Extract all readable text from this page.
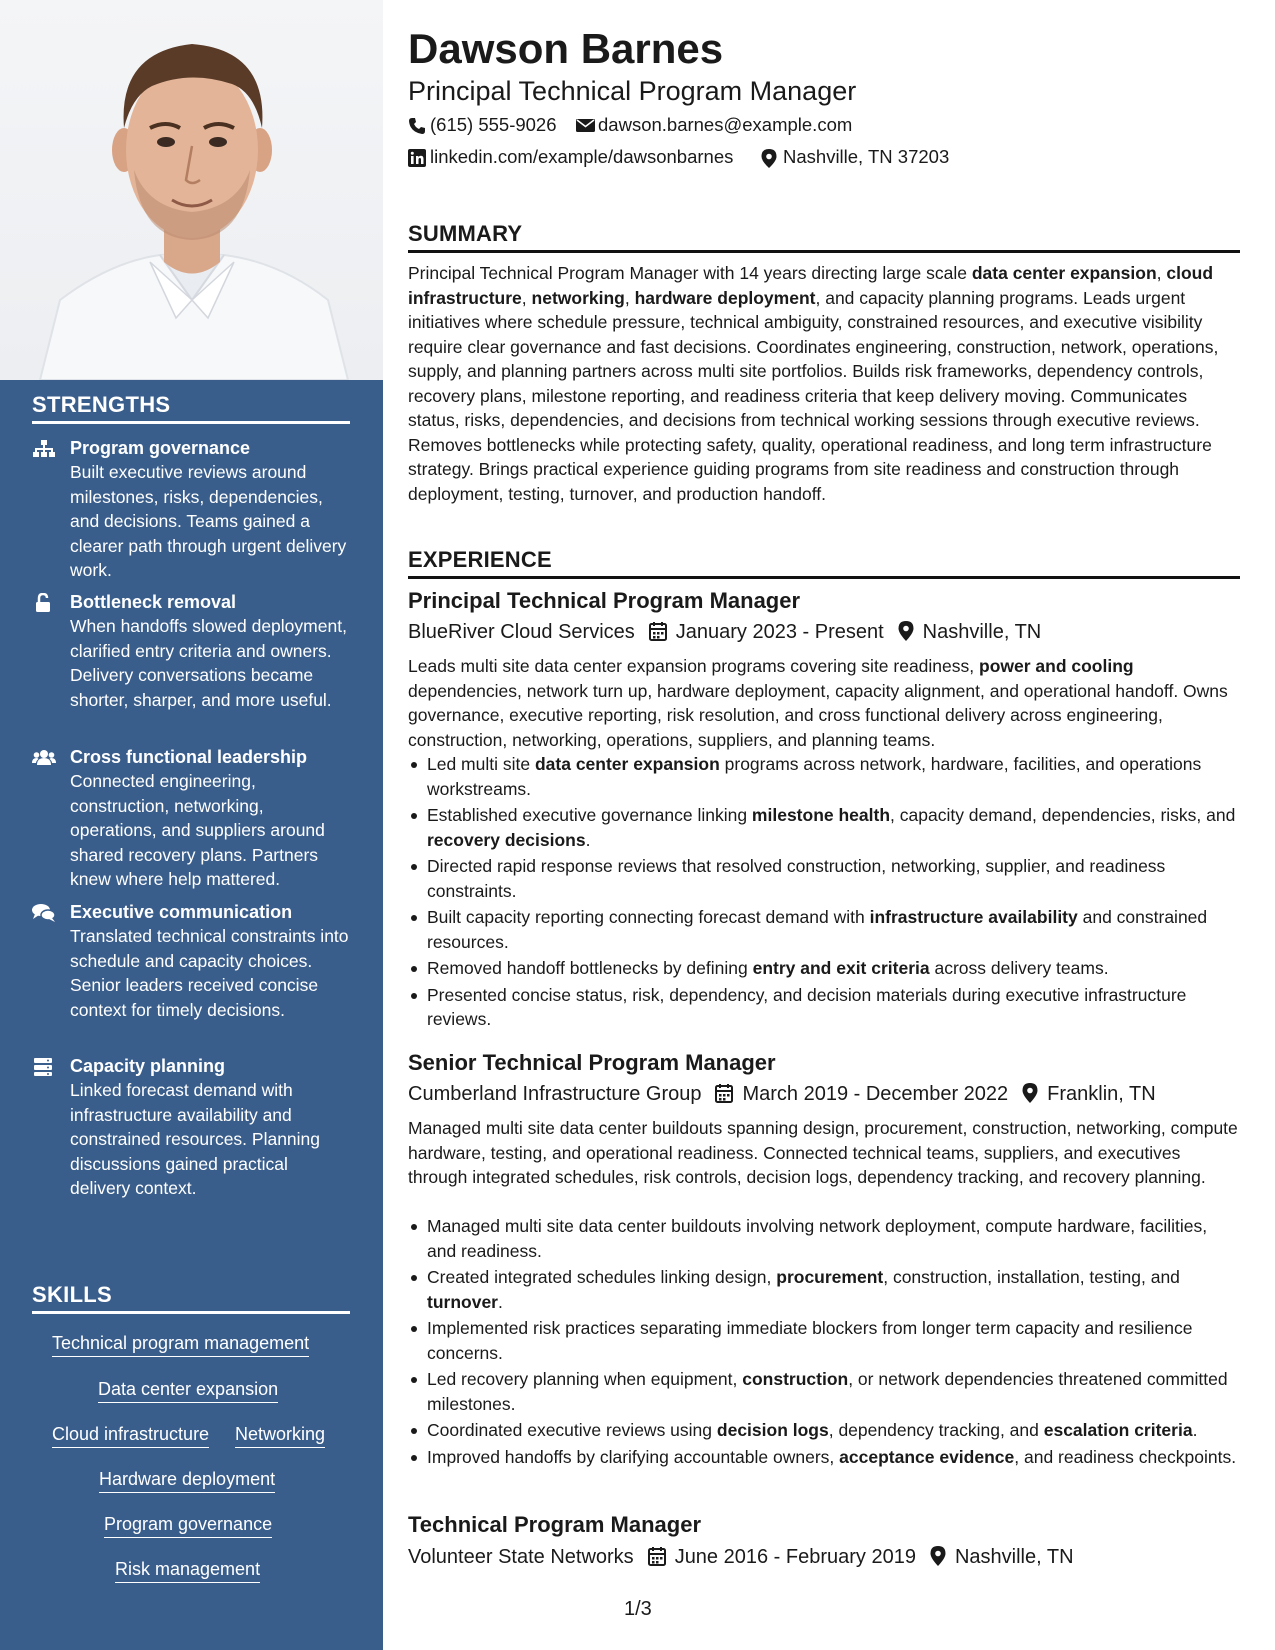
STRENGTHS
Program governance
Built executive reviews around milestones, risks, dependencies, and decisions. Teams gained a clearer path through urgent delivery work.
Bottleneck removal
When handoffs slowed deployment, clarified entry criteria and owners. Delivery conversations became shorter, sharper, and more useful.
Cross functional leadership
Connected engineering, construction, networking, operations, and suppliers around shared recovery plans. Partners knew where help mattered.
Executive communication
Translated technical constraints into schedule and capacity choices. Senior leaders received concise context for timely decisions.
Capacity planning
Linked forecast demand with infrastructure availability and constrained resources. Planning discussions gained practical delivery context.
SKILLS
Technical program management
Data center expansion
Cloud infrastructure Networking
Hardware deployment
Program governance
Risk management
Dawson Barnes
Principal Technical Program Manager
(615) 555-9026 dawson.barnes@example.com
linkedin.com/example/dawsonbarnes	Nashville, TN 37203
SUMMARY

Principal Technical Program Manager with 14 years directing large scale data center expansion, cloud infrastructure, networking, hardware deployment, and capacity planning programs. Leads urgent initiatives where schedule pressure, technical ambiguity, constrained resources, and executive visibility require clear governance and fast decisions. Coordinates engineering, construction, network, operations, supply, and planning partners across multi site portfolios. Builds risk frameworks, dependency controls, recovery plans, milestone reporting, and readiness criteria that keep delivery moving. Communicates status, risks, dependencies, and decisions from technical working sessions through executive reviews. Removes bottlenecks while protecting safety, quality, operational readiness, and long term infrastructure strategy. Brings practical experience guiding programs from site readiness and construction through deployment, testing, turnover, and production handoff.

EXPERIENCE
Principal Technical Program Manager
BlueRiver Cloud Services January 2023 - Present Nashville, TN

Leads multi site data center expansion programs covering site readiness, power and cooling dependencies, network turn up, hardware deployment, capacity alignment, and operational handoff. Owns governance, executive reporting, risk resolution, and cross functional delivery across engineering, construction, networking, operations, suppliers, and planning teams.

Led multi site data center expansion programs across network, hardware, facilities, and operations workstreams.
Established executive governance linking milestone health, capacity demand, dependencies, risks, and recovery decisions.
Directed rapid response reviews that resolved construction, networking, supplier, and readiness constraints.
Built capacity reporting connecting forecast demand with infrastructure availability and constrained resources.
Removed handoff bottlenecks by defining entry and exit criteria across delivery teams.
Presented concise status, risk, dependency, and decision materials during executive infrastructure reviews.
Senior Technical Program Manager
Cumberland Infrastructure Group March 2019 - December 2022 Franklin, TN

Managed multi site data center buildouts spanning design, procurement, construction, networking, compute hardware, testing, and operational readiness. Connected technical teams, suppliers, and executives through integrated schedules, risk controls, decision logs, dependency tracking, and recovery planning.

Managed multi site data center buildouts involving network deployment, compute hardware, facilities, and readiness.
Created integrated schedules linking design, procurement, construction, installation, testing, and turnover.
Implemented risk practices separating immediate blockers from longer term capacity and resilience concerns.
Led recovery planning when equipment, construction, or network dependencies threatened committed milestones.
Coordinated executive reviews using decision logs, dependency tracking, and escalation criteria.
Improved handoffs by clarifying accountable owners, acceptance evidence, and readiness checkpoints.
Technical Program Manager
Volunteer State Networks June 2016 - February 2019 Nashville, TN
1/3
